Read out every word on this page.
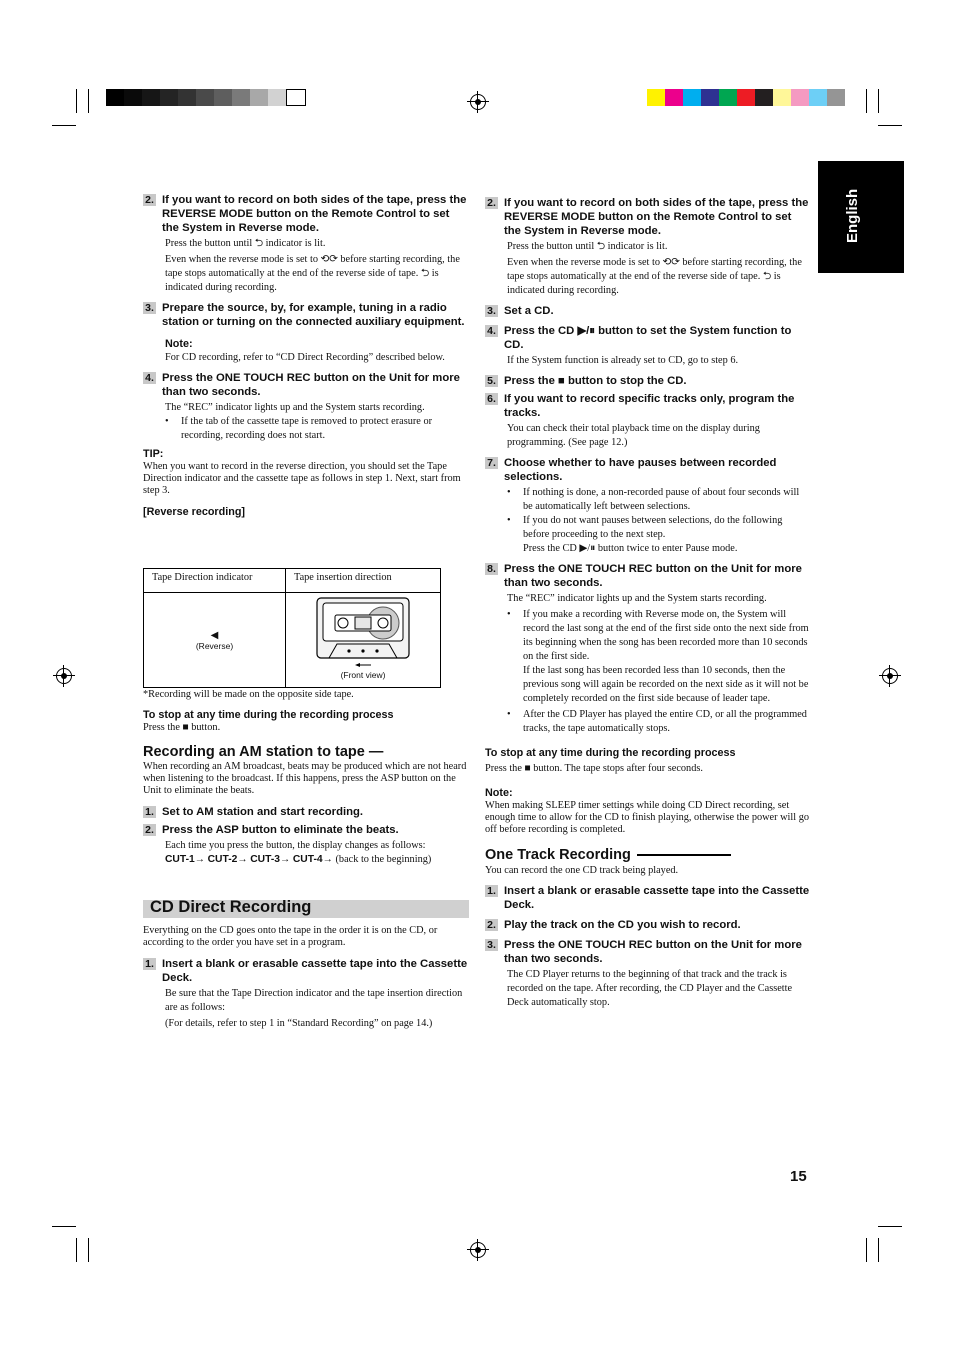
English
2. If you want to record on both sides of the tape, press the REVERSE MODE button on the Remote Control to set the System in Reverse mode.

Press the button until ⮌ indicator is lit.

Even when the reverse mode is set to ⟲⟳ before starting recording, the tape stops automatically at the end of the reverse side of tape. ⮌ is indicated during recording.

3. Prepare the source, by, for example, tuning in a radio station or turning on the connected auxiliary equipment.

Note:

For CD recording, refer to “CD Direct Recording” described below.

4. Press the ONE TOUCH REC button on the Unit for more than two seconds.

The “REC” indicator lights up and the System starts recording.

• If the tab of the cassette tape is removed to protect erasure or recording, recording does not start.

TIP:

When you want to record in the reverse direction, you should set the Tape Direction indicator and the cassette tape as follows in step 1. Next, start from step 3.

[Reverse recording]

Tape Direction indicator	Tape insertion direction

◀
(Reverse)	(Front view)

*Recording will be made on the opposite side tape.

To stop at any time during the recording process

Press the ■ button.

Recording an AM station to tape —

When recording an AM broadcast, beats may be produced which are not heard when listening to the broadcast. If this happens, press the ASP button on the Unit to eliminate the beats.

1. Set to AM station and start recording.
2. Press the ASP button to eliminate the beats.

Each time you press the button, the display changes as follows:

CUT-1→ CUT-2→ CUT-3→ CUT-4→ (back to the beginning)

CD Direct Recording

Everything on the CD goes onto the tape in the order it is on the CD, or according to the order you have set in a program.

1. Insert a blank or erasable cassette tape into the Cassette Deck.

Be sure that the Tape Direction indicator and the tape insertion direction are as follows:

(For details, refer to step 1 in “Standard Recording” on page 14.)

2. If you want to record on both sides of the tape, press the REVERSE MODE button on the Remote Control to set the System in Reverse mode.

Press the button until ⮌ indicator is lit.

Even when the reverse mode is set to ⟲⟳ before starting recording, the tape stops automatically at the end of the reverse side of tape. ⮌ is indicated during recording.

3. Set a CD.
4. Press the CD ▶/⏸ button to set the System function to CD.

If the System function is already set to CD, go to step 6.

5. Press the ■ button to stop the CD.
6. If you want to record specific tracks only, program the tracks.

You can check their total playback time on the display during programming. (See page 12.)

7. Choose whether to have pauses between recorded selections.

• If nothing is done, a non-recorded pause of about four seconds will be automatically left between selections.

• If you do not want pauses between selections, do the following before proceeding to the next step.

Press the CD ▶/⏸ button twice to enter Pause mode.

8. Press the ONE TOUCH REC button on the Unit for more than two seconds.

The “REC” indicator lights up and the System starts recording.

• If you make a recording with Reverse mode on, the System will record the last song at the end of the first side onto the next side from its beginning when the song has been recorded more than 10 seconds on the first side.

If the last song has been recorded less than 10 seconds, then the previous song will again be recorded on the next side as it will not be completely recorded on the first side because of leader tape.

• After the CD Player has played the entire CD, or all the programmed tracks, the tape automatically stops.

To stop at any time during the recording process

Press the ■ button. The tape stops after four seconds.

Note:

When making SLEEP timer settings while doing CD Direct recording, set enough time to allow for the CD to finish playing, otherwise the power will go off before recording is completed.

One Track Recording

You can record the one CD track being played.

1. Insert a blank or erasable cassette tape into the Cassette Deck.
2. Play the track on the CD you wish to record.
3. Press the ONE TOUCH REC button on the Unit for more than two seconds.

The CD Player returns to the beginning of that track and the track is recorded on the tape. After recording, the CD Player and the Cassette Deck automatically stop.

15
